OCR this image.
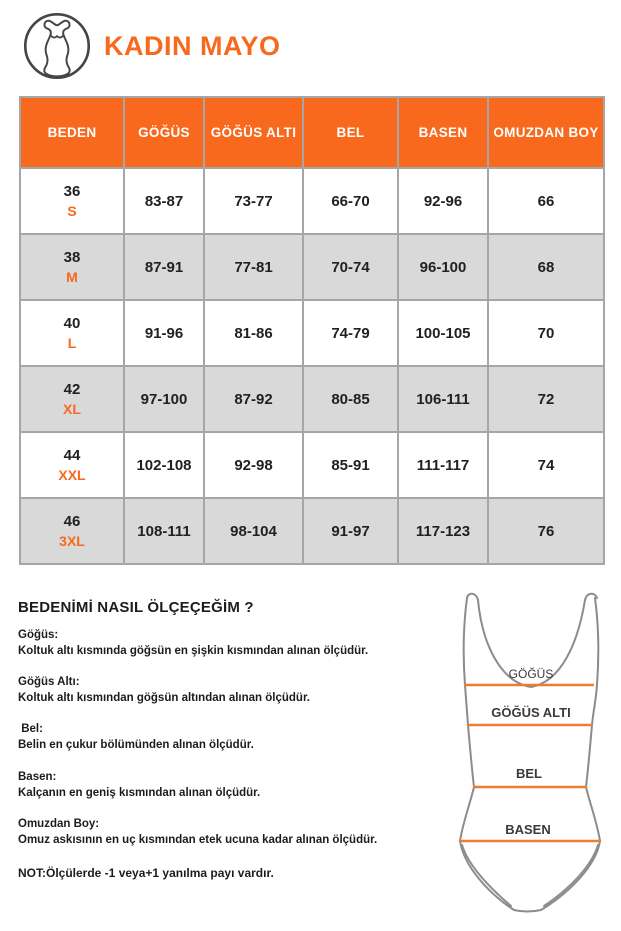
KADIN MAYO
BEDEN	GÖĞÜS	GÖĞÜS ALTI	BEL	BASEN	OMUZDAN BOY

36
S	83-87	73-77	66-70	92-96	66

38
M	87-91	77-81	70-74	96-100	68

40
L	91-96	81-86	74-79	100-105	70

42
XL	97-100	87-92	80-85	106-111	72

44
XXL	102-108	92-98	85-91	111-117	74

46
3XL	108-111	98-104	91-97	117-123	76
BEDENİMİ NASIL ÖLÇEÇEĞİM ?
Göğüs:
Koltuk altı kısmında göğsün en şişkin kısmından alınan ölçüdür.
Göğüs Altı:
Koltuk altı kısmından göğsün altından alınan ölçüdür.
Bel:
Belin en çukur bölümünden alınan ölçüdür.
Basen:
Kalçanın en geniş kısmından alınan ölçüdür.
Omuzdan Boy:
Omuz askısının en uç kısmından etek ucuna kadar alınan ölçüdür.
NOT:Ölçülerde -1 veya+1 yanılma payı vardır.
GÖĞÜS
GÖĞÜS ALTI
BEL
BASEN
